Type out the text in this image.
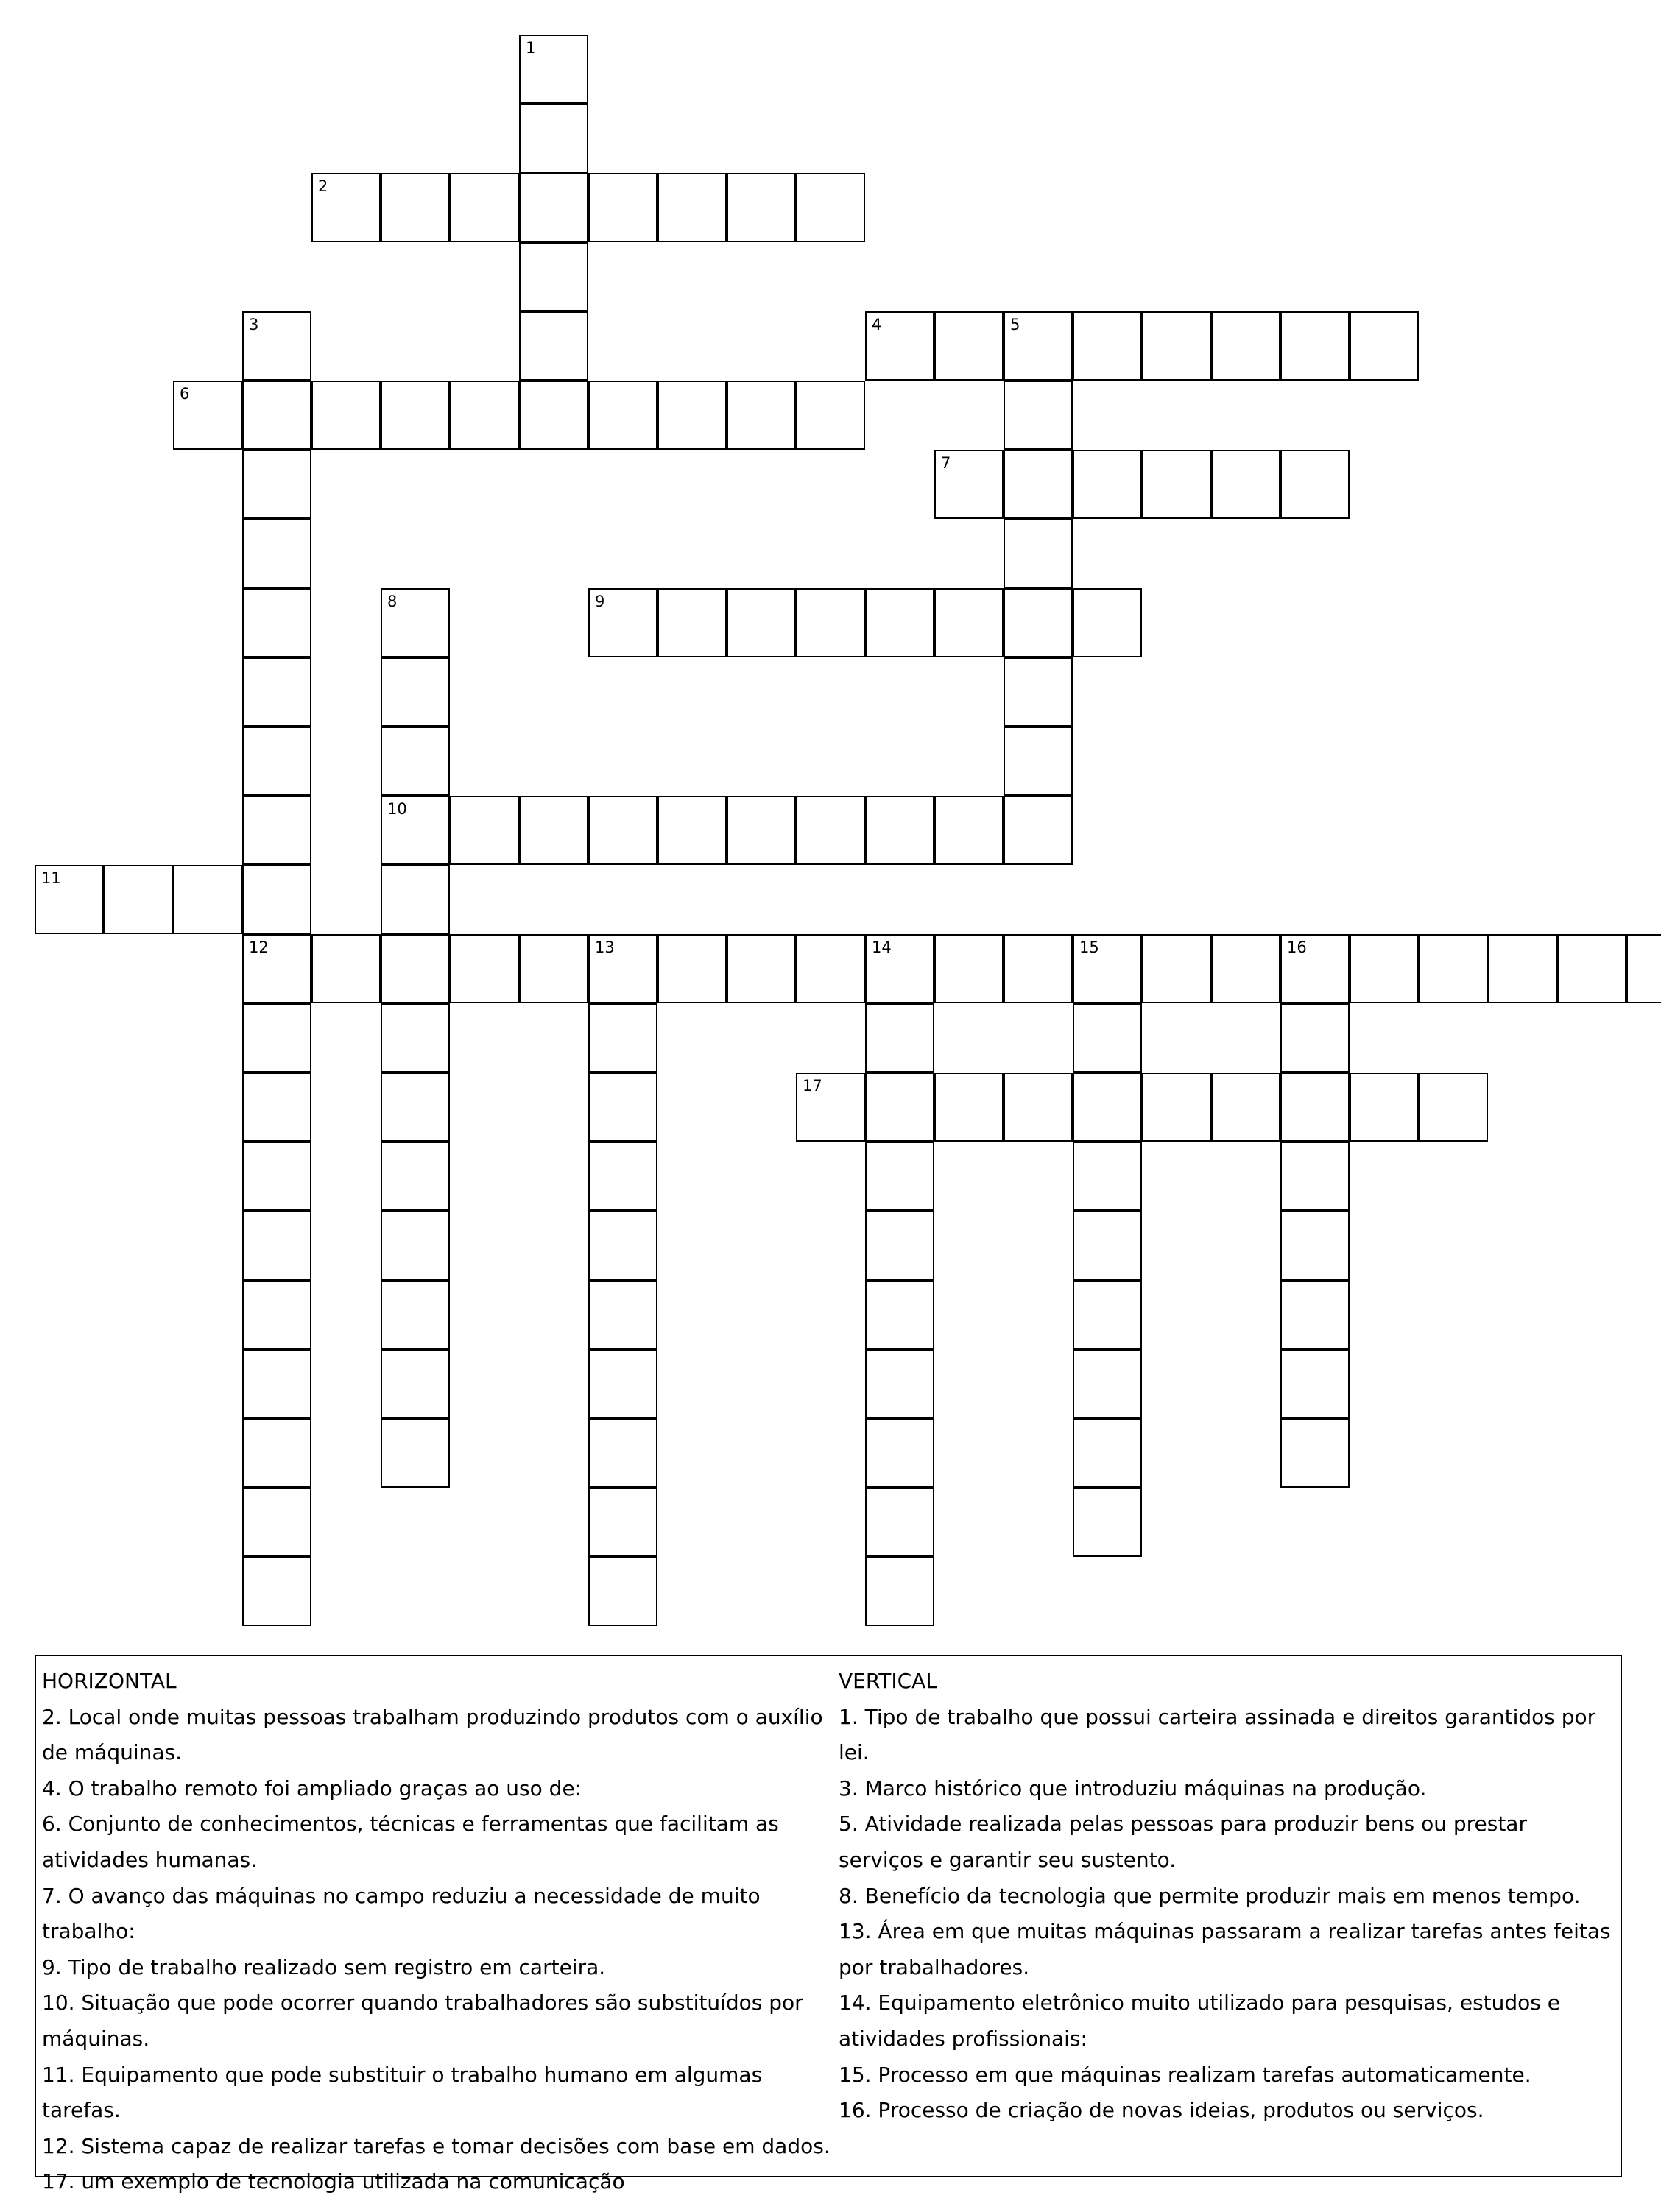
1
2
3
12
4	5
6
7
8
10
9
11
13	14	15	16
17

HORIZONTAL

2. Local onde muitas pessoas trabalham produzindo produtos com o auxílio de máquinas.

4. O trabalho remoto foi ampliado graças ao uso de:

6. Conjunto de conhecimentos, técnicas e ferramentas que facilitam as atividades humanas.

7. O avanço das máquinas no campo reduziu a necessidade de muito trabalho:

9. Tipo de trabalho realizado sem registro em carteira.

10. Situação que pode ocorrer quando trabalhadores são substituídos por máquinas.

11. Equipamento que pode substituir o trabalho humano em algumas tarefas.

12. Sistema capaz de realizar tarefas e tomar decisões com base em dados.

17. um exemplo de tecnologia utilizada na comunicação

VERTICAL

1. Tipo de trabalho que possui carteira assinada e direitos garantidos por lei.

3. Marco histórico que introduziu máquinas na produção.

5. Atividade realizada pelas pessoas para produzir bens ou prestar serviços e garantir seu sustento.

8. Benefício da tecnologia que permite produzir mais em menos tempo.

13. Área em que muitas máquinas passaram a realizar tarefas antes feitas por trabalhadores.

14. Equipamento eletrônico muito utilizado para pesquisas, estudos e atividades profissionais:

15. Processo em que máquinas realizam tarefas automaticamente.

16. Processo de criação de novas ideias, produtos ou serviços.
